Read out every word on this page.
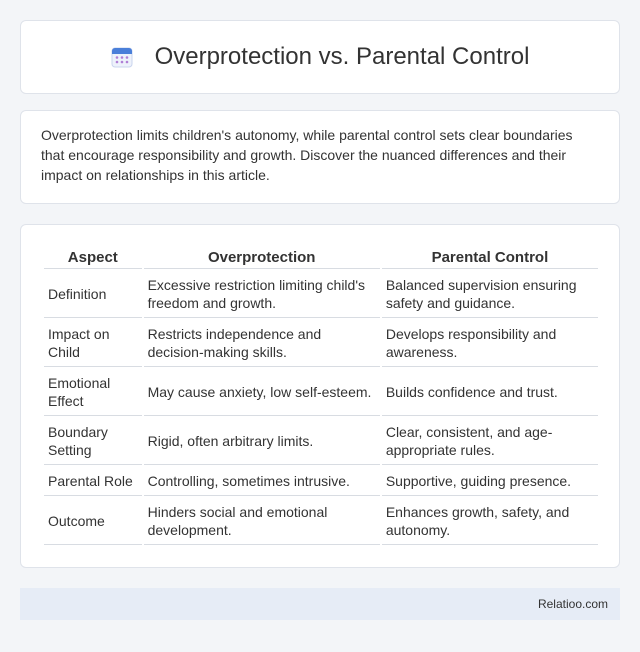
Overprotection vs. Parental Control

Overprotection limits children's autonomy, while parental control sets clear boundaries that encourage responsibility and growth. Discover the nuanced differences and their impact on relationships in this article.

Aspect	Overprotection	Parental Control
Definition	Excessive restriction limiting child's freedom and growth.	Balanced supervision ensuring safety and guidance.
Impact on Child	Restricts independence and decision-making skills.	Develops responsibility and awareness.
Emotional Effect	May cause anxiety, low self-esteem.	Builds confidence and trust.
Boundary Setting	Rigid, often arbitrary limits.	Clear, consistent, and age-appropriate rules.
Parental Role	Controlling, sometimes intrusive.	Supportive, guiding presence.
Outcome	Hinders social and emotional development.	Enhances growth, safety, and autonomy.
Relatioo.com
